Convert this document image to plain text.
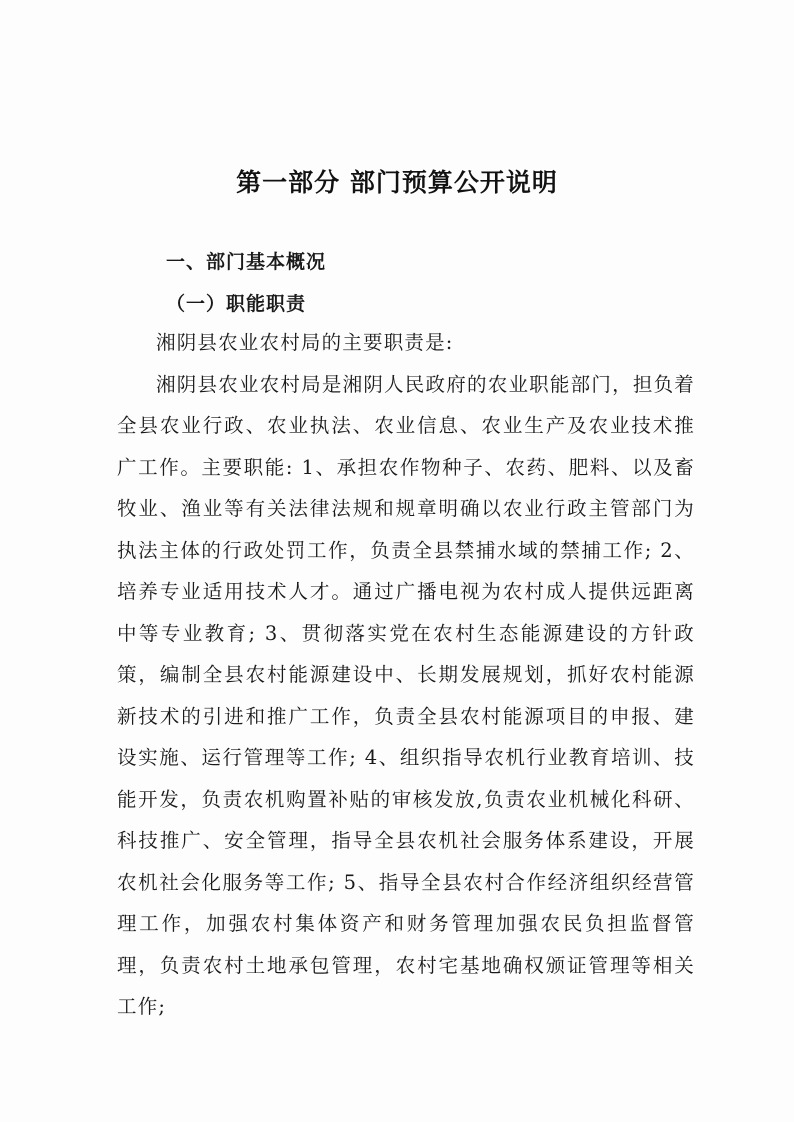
第一部分 部门预算公开说明
一、部门基本概况
（一）职能职责

湘阴县农业农村局的主要职责是:

湘阴县农业农村局是湘阴人民政府的农业职能部门，担负着全县农业行政、农业执法、农业信息、农业生产及农业技术推广工作。主要职能: 1、承担农作物种子、农药、肥料、以及畜牧业、渔业等有关法律法规和规章明确以农业行政主管部门为执法主体的行政处罚工作，负责全县禁捕水域的禁捕工作; 2、培养专业适用技术人才。通过广播电视为农村成人提供远距离中等专业教育; 3、贯彻落实党在农村生态能源建设的方针政策，编制全县农村能源建设中、长期发展规划，抓好农村能源新技术的引进和推广工作，负责全县农村能源项目的申报、建设实施、运行管理等工作; 4、组织指导农机行业教育培训、技能开发，负责农机购置补贴的审核发放,负责农业机械化科研、科技推广、安全管理，指导全县农机社会服务体系建设，开展农机社会化服务等工作; 5、指导全县农村合作经济组织经营管理工作，加强农村集体资产和财务管理加强农民负担监督管理，负责农村土地承包管理，农村宅基地确权颁证管理等相关工作;
